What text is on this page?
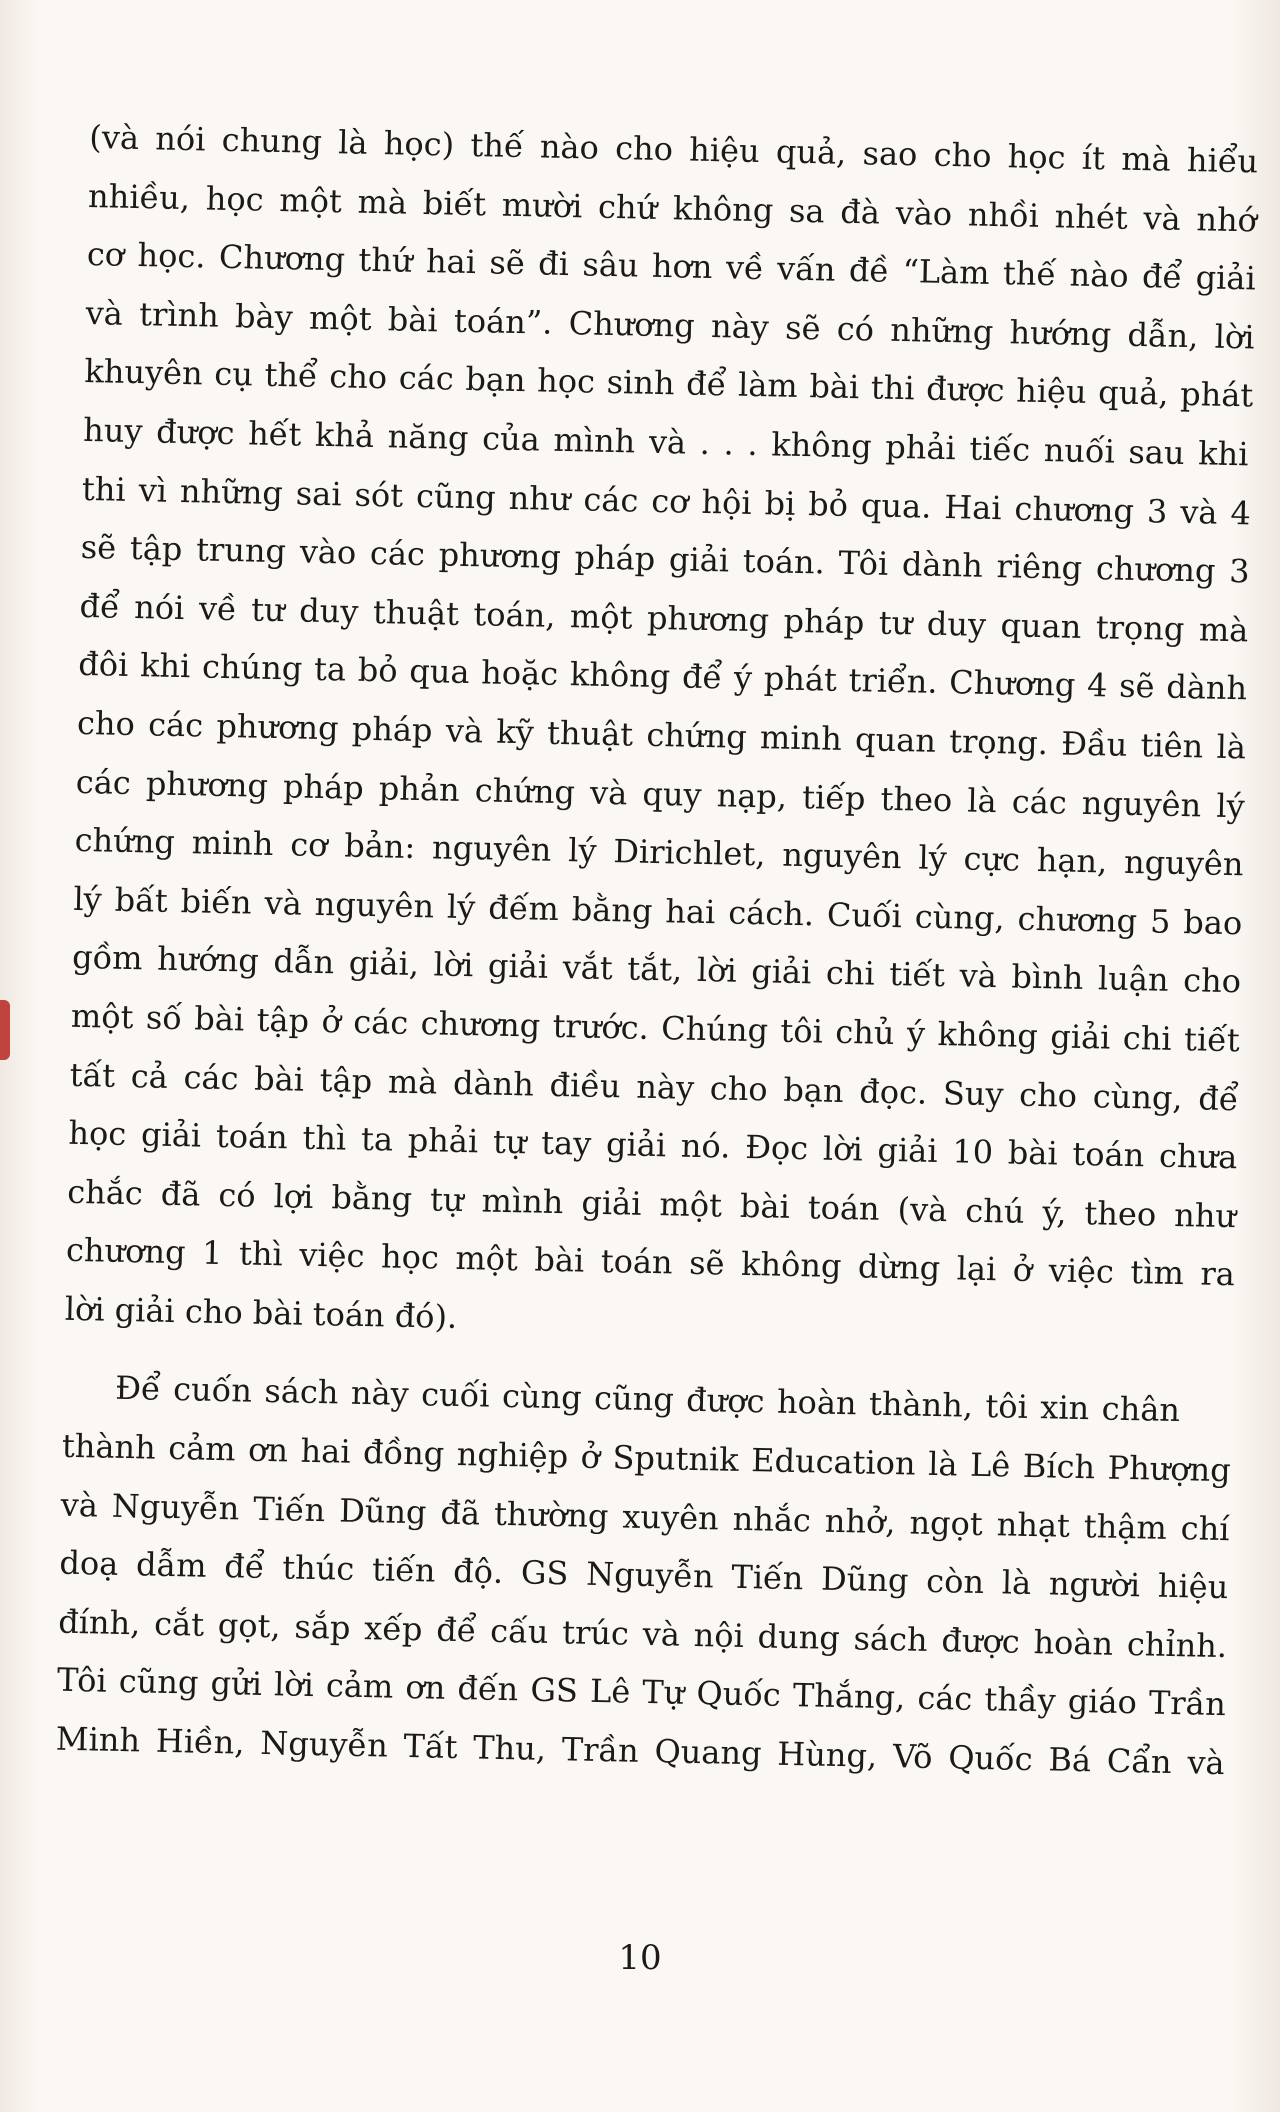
(và nói chung là học) thế nào cho hiệu quả, sao cho học ít mà hiểu
nhiều, học một mà biết mười chứ không sa đà vào nhồi nhét và nhớ
cơ học. Chương thứ hai sẽ đi sâu hơn về vấn đề “Làm thế nào để giải
và trình bày một bài toán”. Chương này sẽ có những hướng dẫn, lời
khuyên cụ thể cho các bạn học sinh để làm bài thi được hiệu quả, phát
huy được hết khả năng của mình và . . . không phải tiếc nuối sau khi
thi vì những sai sót cũng như các cơ hội bị bỏ qua. Hai chương 3 và 4
sẽ tập trung vào các phương pháp giải toán. Tôi dành riêng chương 3
để nói về tư duy thuật toán, một phương pháp tư duy quan trọng mà
đôi khi chúng ta bỏ qua hoặc không để ý phát triển. Chương 4 sẽ dành
cho các phương pháp và kỹ thuật chứng minh quan trọng. Đầu tiên là
các phương pháp phản chứng và quy nạp, tiếp theo là các nguyên lý
chứng minh cơ bản: nguyên lý Dirichlet, nguyên lý cực hạn, nguyên
lý bất biến và nguyên lý đếm bằng hai cách. Cuối cùng, chương 5 bao
gồm hướng dẫn giải, lời giải vắt tắt, lời giải chi tiết và bình luận cho
một số bài tập ở các chương trước. Chúng tôi chủ ý không giải chi tiết
tất cả các bài tập mà dành điều này cho bạn đọc. Suy cho cùng, để
học giải toán thì ta phải tự tay giải nó. Đọc lời giải 10 bài toán chưa
chắc đã có lợi bằng tự mình giải một bài toán (và chú ý, theo như
chương 1 thì việc học một bài toán sẽ không dừng lại ở việc tìm ra
lời giải cho bài toán đó).
Để cuốn sách này cuối cùng cũng được hoàn thành, tôi xin chân
thành cảm ơn hai đồng nghiệp ở Sputnik Education là Lê Bích Phượng
và Nguyễn Tiến Dũng đã thường xuyên nhắc nhở, ngọt nhạt thậm chí
doạ dẫm để thúc tiến độ. GS Nguyễn Tiến Dũng còn là người hiệu
đính, cắt gọt, sắp xếp để cấu trúc và nội dung sách được hoàn chỉnh.
Tôi cũng gửi lời cảm ơn đến GS Lê Tự Quốc Thắng, các thầy giáo Trần
Minh Hiền, Nguyễn Tất Thu, Trần Quang Hùng, Võ Quốc Bá Cẩn và
10
